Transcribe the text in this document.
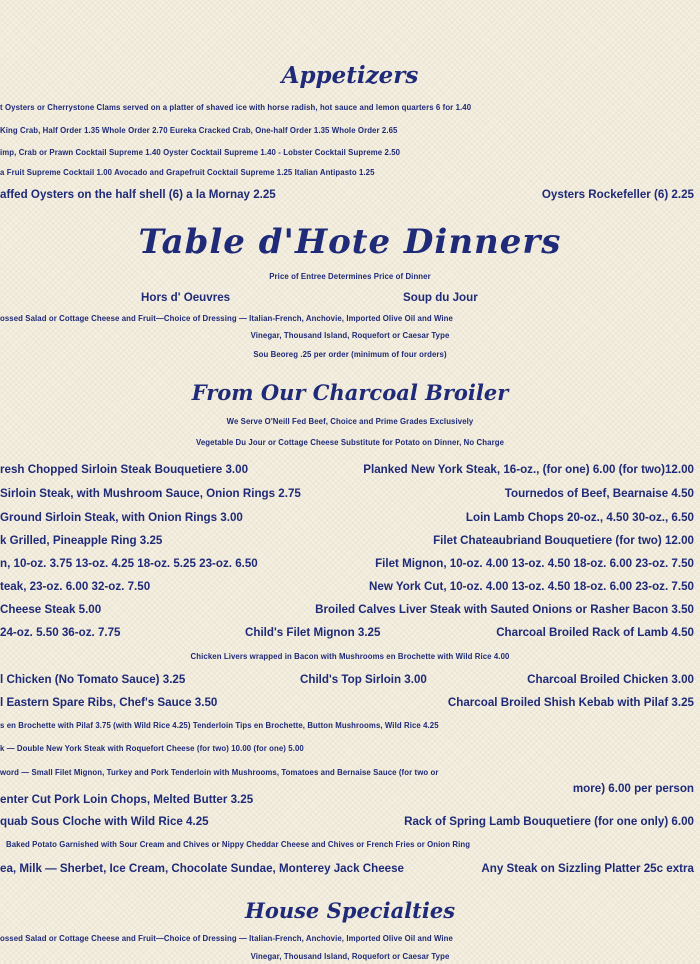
Appetizers
t Oysters or Cherrystone Clams served on a platter of shaved ice with horse radish, hot sauce and lemon quarters 6 for 1.40
King Crab, Half Order 1.35 Whole Order 2.70 Eureka Cracked Crab, One-half Order 1.35 Whole Order 2.65
imp, Crab or Prawn Cocktail Supreme 1.40 Oyster Cocktail Supreme 1.40 - Lobster Cocktail Supreme 2.50
a Fruit Supreme Cocktail 1.00 Avocado and Grapefruit Cocktail Supreme 1.25 Italian Antipasto 1.25
affed Oysters on the half shell (6) a la Mornay 2.25	Oysters Rockefeller (6) 2.25
Table d'Hote Dinners
Price of Entree Determines Price of Dinner
Hors d' Oeuvres	Soup du Jour
ossed Salad or Cottage Cheese and Fruit—Choice of Dressing — Italian-French, Anchovie, Imported Olive Oil and Wine
Vinegar, Thousand Island, Roquefort or Caesar Type
Sou Beoreg .25 per order (minimum of four orders)
From Our Charcoal Broiler
We Serve O'Neill Fed Beef, Choice and Prime Grades Exclusively
Vegetable Du Jour or Cottage Cheese Substitute for Potato on Dinner, No Charge
resh Chopped Sirloin Steak Bouquetiere 3.00	Planked New York Steak, 16-oz., (for one) 6.00 (for two)12.00
Sirloin Steak, with Mushroom Sauce, Onion Rings 2.75	Tournedos of Beef, Bearnaise 4.50
Ground Sirloin Steak, with Onion Rings 3.00	Loin Lamb Chops 20-oz., 4.50 30-oz., 6.50
k Grilled, Pineapple Ring 3.25	Filet Chateaubriand Bouquetiere (for two) 12.00
n, 10-oz. 3.75 13-oz. 4.25 18-oz. 5.25 23-oz. 6.50	Filet Mignon, 10-oz. 4.00 13-oz. 4.50 18-oz. 6.00 23-oz. 7.50
teak, 23-oz. 6.00 32-oz. 7.50	New York Cut, 10-oz. 4.00 13-oz. 4.50 18-oz. 6.00 23-oz. 7.50
Cheese Steak 5.00	Broiled Calves Liver Steak with Sauted Onions or Rasher Bacon 3.50
24-oz. 5.50 36-oz. 7.75	Child's Filet Mignon 3.25	Charcoal Broiled Rack of Lamb 4.50
Chicken Livers wrapped in Bacon with Mushrooms en Brochette with Wild Rice 4.00
l Chicken (No Tomato Sauce) 3.25	Child's Top Sirloin 3.00	Charcoal Broiled Chicken 3.00
l Eastern Spare Ribs, Chef's Sauce 3.50	Charcoal Broiled Shish Kebab with Pilaf 3.25
s en Brochette with Pilaf 3.75 (with Wild Rice 4.25) Tenderloin Tips en Brochette, Button Mushrooms, Wild Rice 4.25
k — Double New York Steak with Roquefort Cheese (for two) 10.00 (for one) 5.00
word — Small Filet Mignon, Turkey and Pork Tenderloin with Mushrooms, Tomatoes and Bernaise Sauce (for two or
more) 6.00 per person
enter Cut Pork Loin Chops, Melted Butter 3.25
quab Sous Cloche with Wild Rice 4.25	Rack of Spring Lamb Bouquetiere (for one only) 6.00
Baked Potato Garnished with Sour Cream and Chives or Nippy Cheddar Cheese and Chives or French Fries or Onion Ring
ea, Milk — Sherbet, Ice Cream, Chocolate Sundae, Monterey Jack Cheese	Any Steak on Sizzling Platter 25c extra
House Specialties
ossed Salad or Cottage Cheese and Fruit—Choice of Dressing — Italian-French, Anchovie, Imported Olive Oil and Wine
Vinegar, Thousand Island, Roquefort or Caesar Type
